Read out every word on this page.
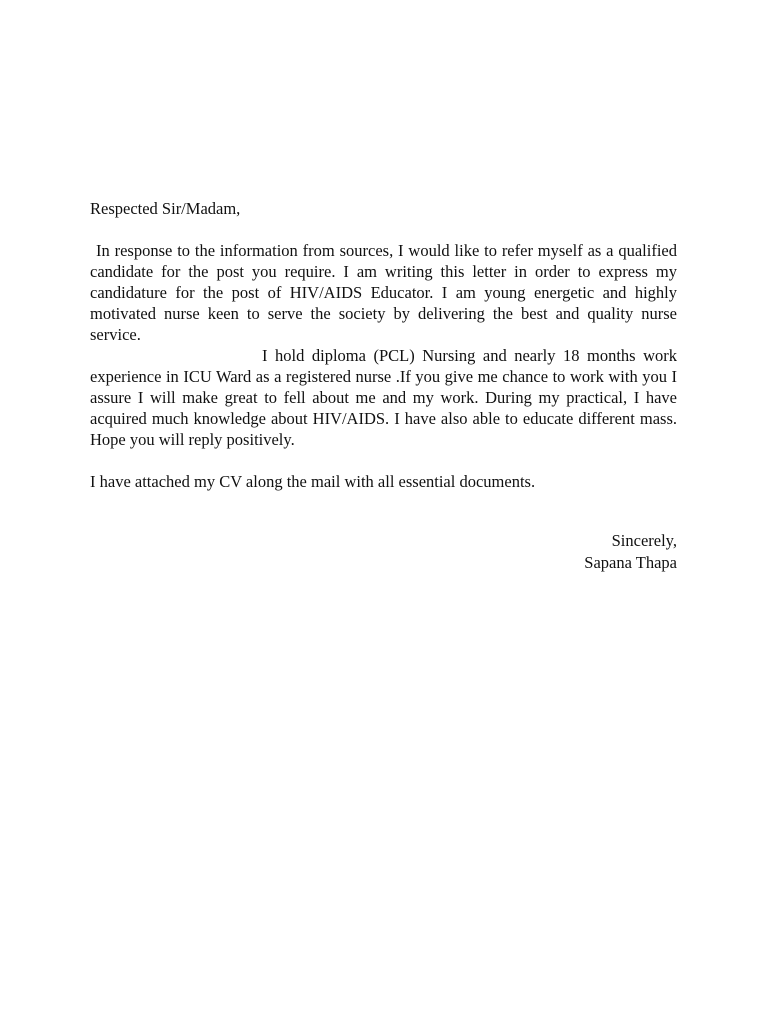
Respected Sir/Madam,

In response to the information from sources, I would like to refer myself as a qualified candidate for the post you require. I am writing this letter in order to express my candidature for the post of HIV/AIDS Educator. I am young energetic and highly motivated nurse keen to serve the society by delivering the best and quality nurse service.

I hold diploma (PCL) Nursing and nearly 18 months work experience in ICU Ward as a registered nurse .If you give me chance to work with you I assure I will make great to fell about me and my work. During my practical, I have acquired much knowledge about HIV/AIDS. I have also able to educate different mass. Hope you will reply positively.

I have attached my CV along the mail with all essential documents.

Sincerely,
Sapana Thapa
